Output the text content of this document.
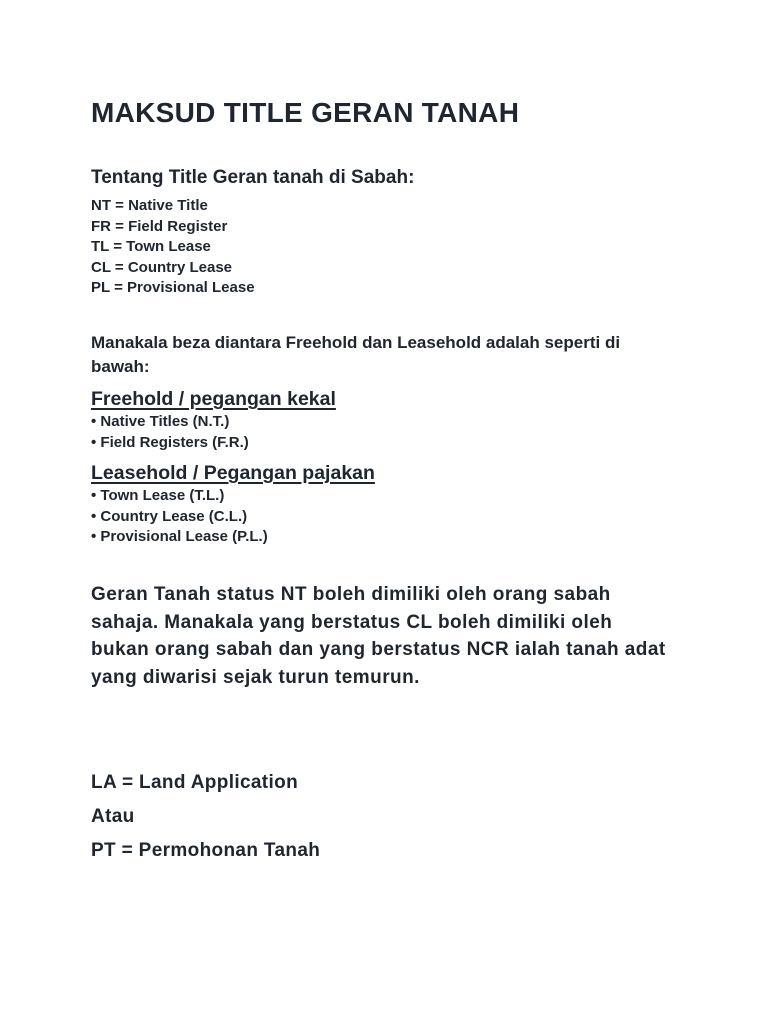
MAKSUD TITLE GERAN TANAH
Tentang Title Geran tanah di Sabah:
NT = Native Title
FR = Field Register
TL = Town Lease
CL = Country Lease
PL = Provisional Lease

Manakala beza diantara Freehold dan Leasehold adalah seperti di bawah:

Freehold / pegangan kekal
• Native Titles (N.T.)
• Field Registers (F.R.)
Leasehold / Pegangan pajakan
• Town Lease (T.L.)
• Country Lease (C.L.)
• Provisional Lease (P.L.)

Geran Tanah status NT boleh dimiliki oleh orang sabah sahaja. Manakala yang berstatus CL boleh dimiliki oleh bukan orang sabah dan yang berstatus NCR ialah tanah adat yang diwarisi sejak turun temurun.

LA = Land Application

Atau

PT = Permohonan Tanah
